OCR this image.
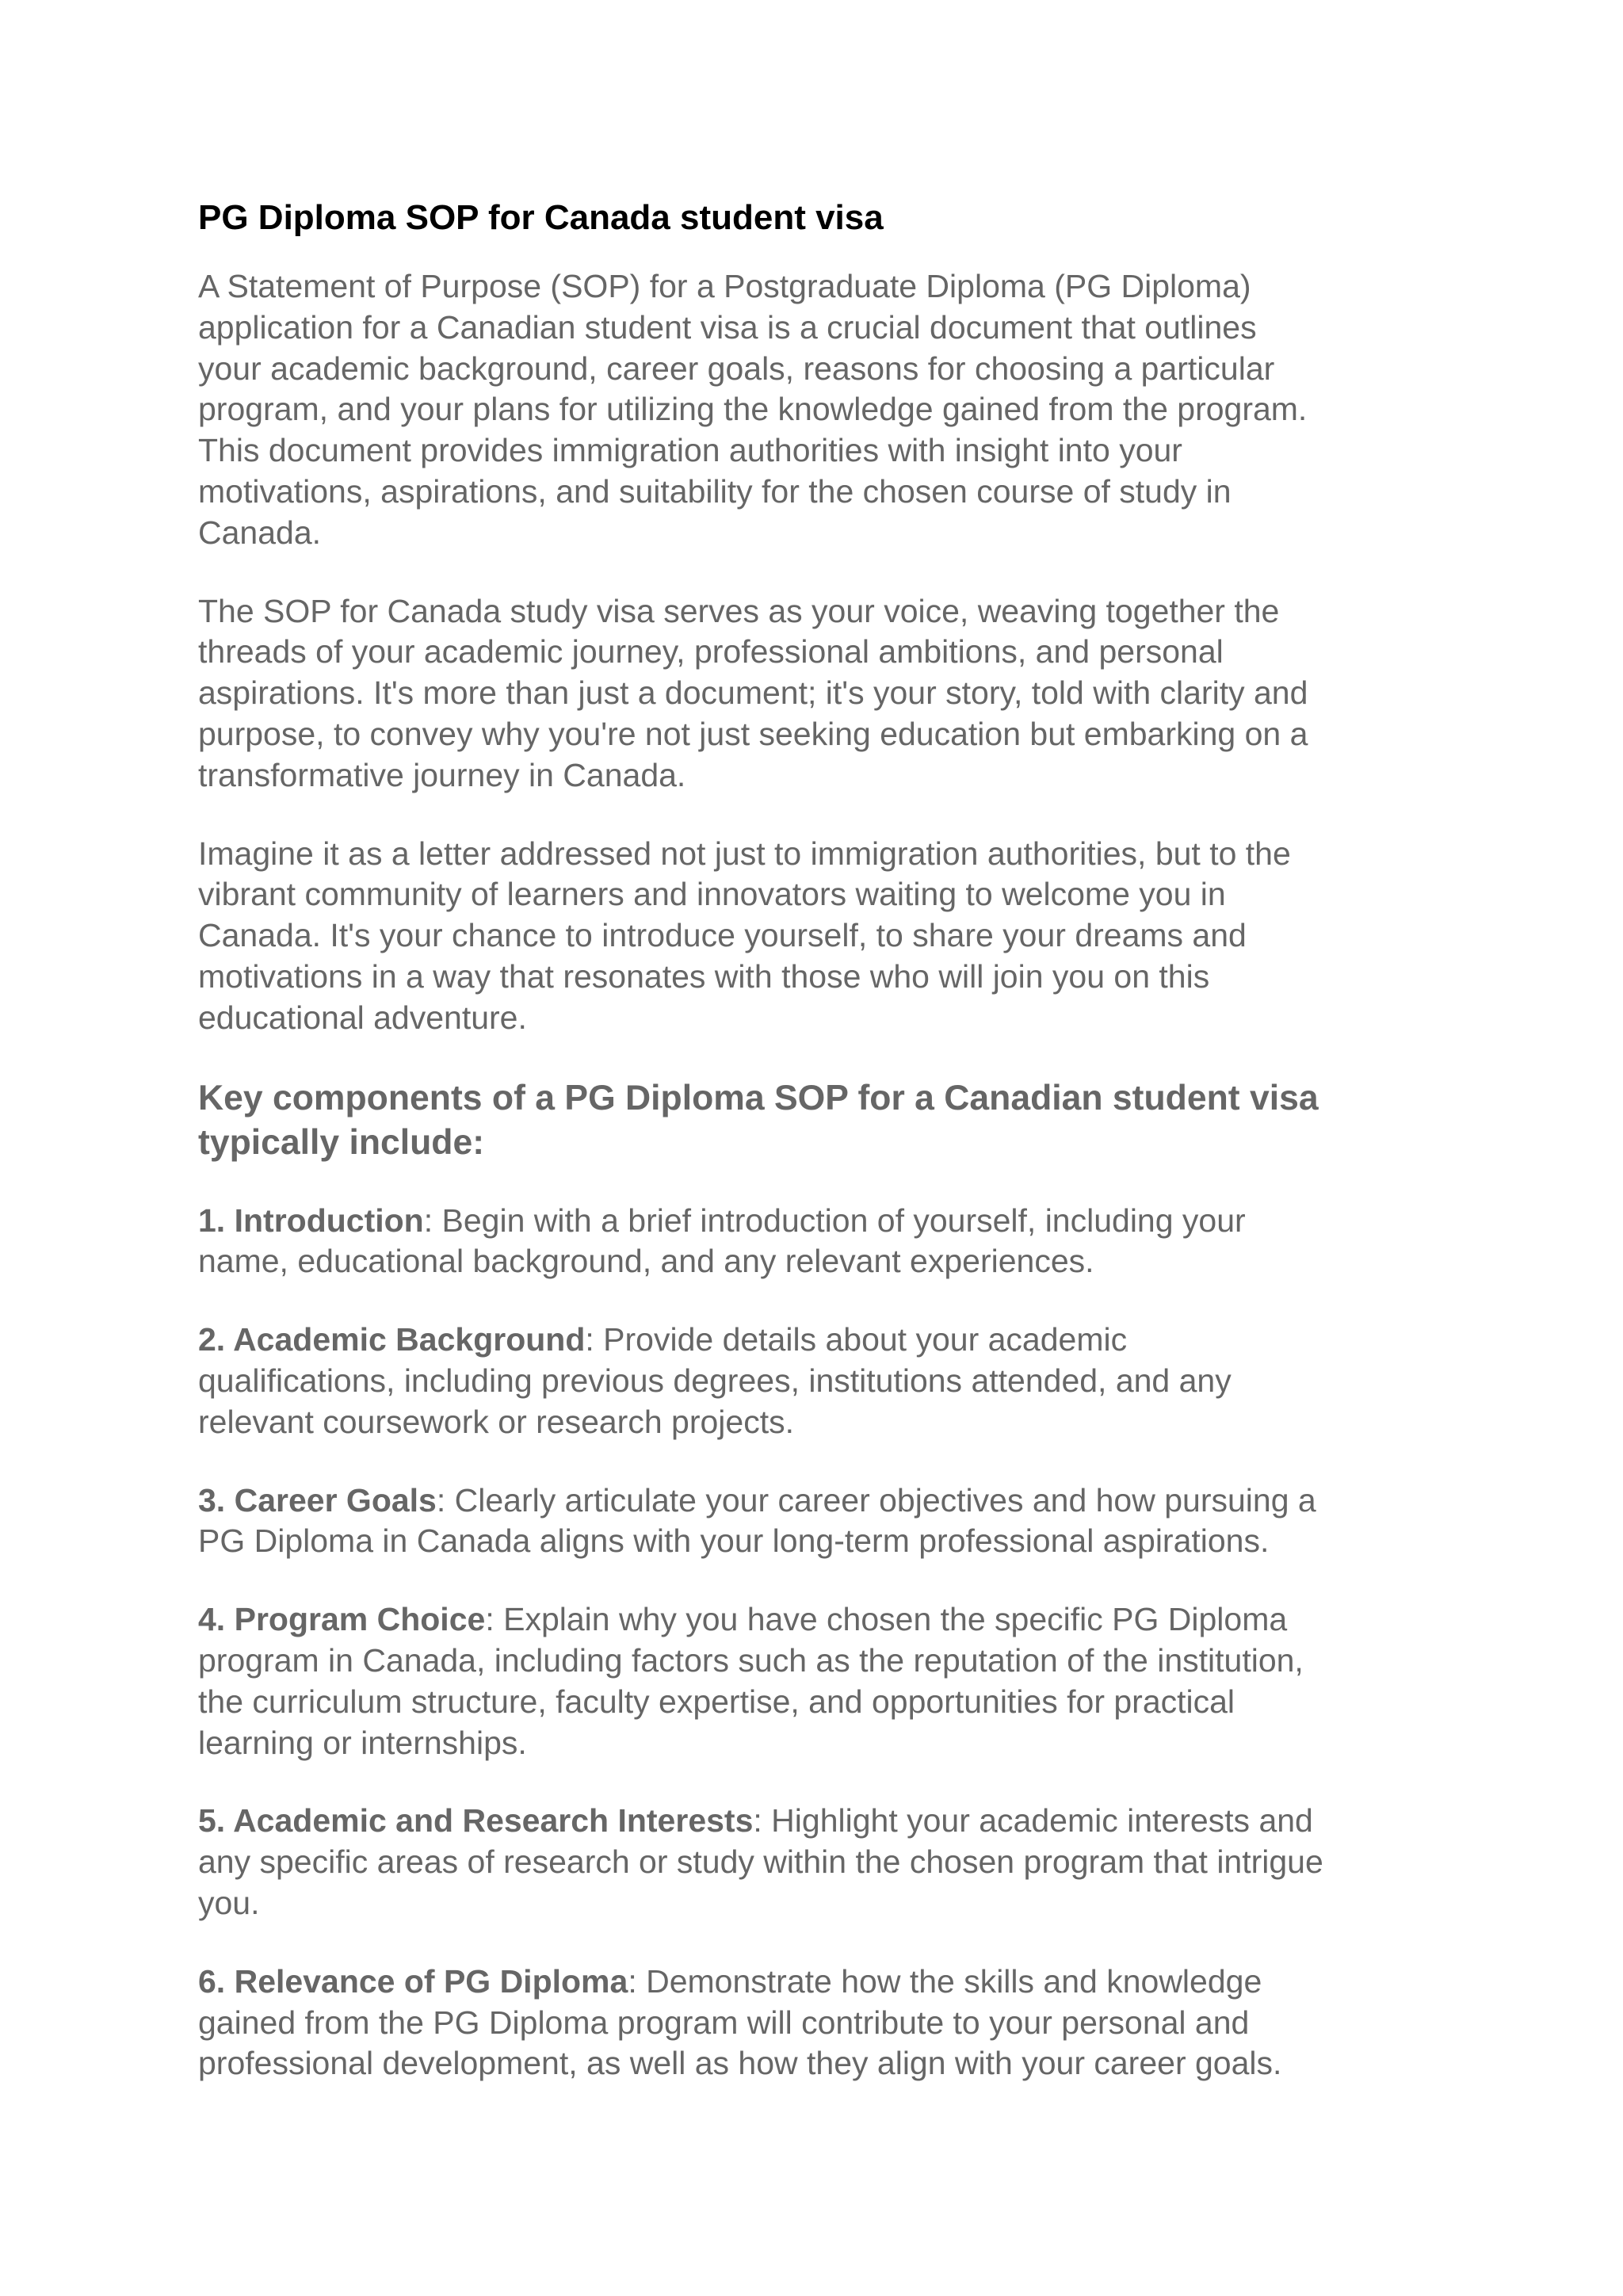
PG Diploma SOP for Canada student visa

A Statement of Purpose (SOP) for a Postgraduate Diploma (PG Diploma)
application for a Canadian student visa is a crucial document that outlines
your academic background, career goals, reasons for choosing a particular
program, and your plans for utilizing the knowledge gained from the program.
This document provides immigration authorities with insight into your
motivations, aspirations, and suitability for the chosen course of study in
Canada.

The SOP for Canada study visa serves as your voice, weaving together the
threads of your academic journey, professional ambitions, and personal
aspirations. It's more than just a document; it's your story, told with clarity and
purpose, to convey why you're not just seeking education but embarking on a
transformative journey in Canada.

Imagine it as a letter addressed not just to immigration authorities, but to the
vibrant community of learners and innovators waiting to welcome you in
Canada. It's your chance to introduce yourself, to share your dreams and
motivations in a way that resonates with those who will join you on this
educational adventure.

Key components of a PG Diploma SOP for a Canadian student visa
typically include:

1. Introduction: Begin with a brief introduction of yourself, including your
name, educational background, and any relevant experiences.

2. Academic Background: Provide details about your academic
qualifications, including previous degrees, institutions attended, and any
relevant coursework or research projects.

3. Career Goals: Clearly articulate your career objectives and how pursuing a
PG Diploma in Canada aligns with your long-term professional aspirations.

4. Program Choice: Explain why you have chosen the specific PG Diploma
program in Canada, including factors such as the reputation of the institution,
the curriculum structure, faculty expertise, and opportunities for practical
learning or internships.

5. Academic and Research Interests: Highlight your academic interests and
any specific areas of research or study within the chosen program that intrigue
you.

6. Relevance of PG Diploma: Demonstrate how the skills and knowledge
gained from the PG Diploma program will contribute to your personal and
professional development, as well as how they align with your career goals.
